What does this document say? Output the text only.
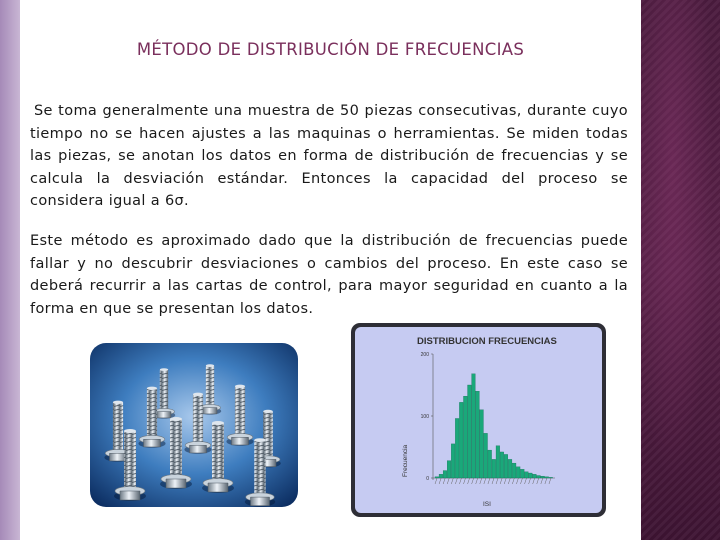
MÉTODO DE DISTRIBUCIÓN DE FRECUENCIAS

Se toma generalmente una muestra de 50 piezas consecutivas, durante cuyo tiempo no se hacen ajustes a las maquinas o herramientas. Se miden todas las piezas, se anotan los datos en forma de distribución de frecuencias y se calcula la desviación estándar. Entonces la capacidad del proceso se considera igual a 6σ.

Este método es aproximado dado que la distribución de frecuencias puede fallar y no descubrir desviaciones o cambios del proceso. En este caso se deberá recurrir a las cartas de control, para mayor seguridad en cuanto a la forma en que se presentan los datos.

DISTRIBUCION FRECUENCIAS
Frecuencia
ISI
0
100
200
